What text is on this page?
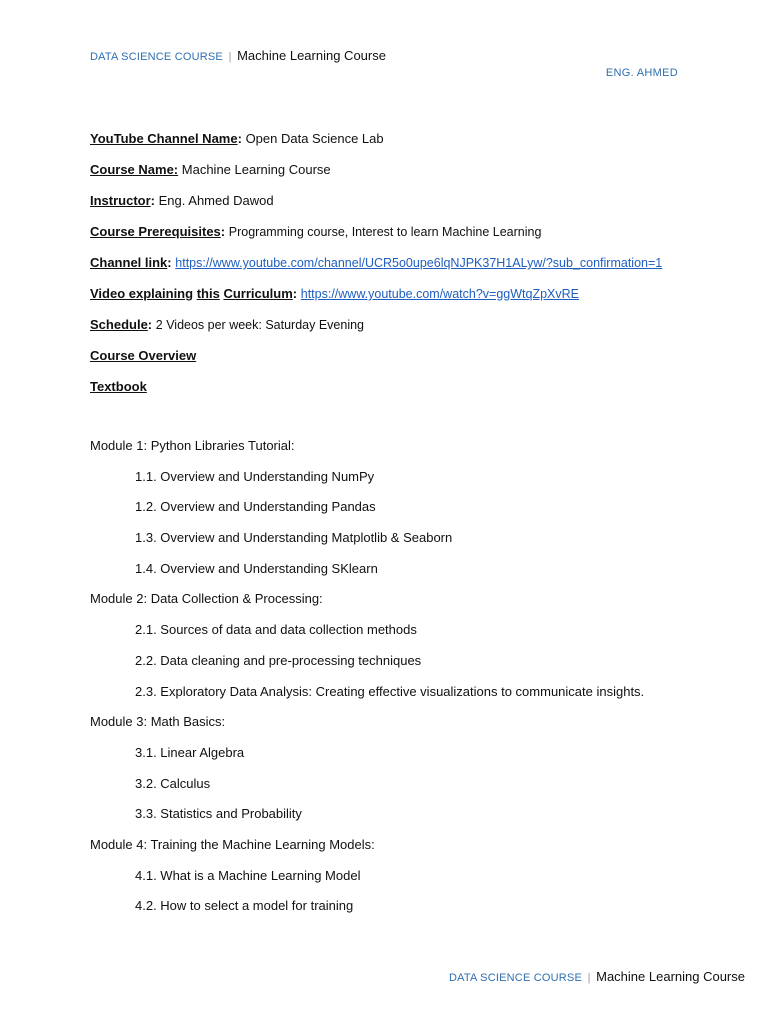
DATA SCIENCE COURSE | Machine Learning Course
ENG. AHMED
YouTube Channel Name: Open Data Science Lab
Course Name: Machine Learning Course
Instructor: Eng. Ahmed Dawod
Course Prerequisites: Programming course, Interest to learn Machine Learning
Channel link: https://www.youtube.com/channel/UCR5o0upe6lqNJPK37H1ALyw/?sub_confirmation=1
Video explaining this Curriculum: https://www.youtube.com/watch?v=ggWtqZpXvRE
Schedule: 2 Videos per week: Saturday Evening
Course Overview
Textbook
Module 1: Python Libraries Tutorial:
1.1. Overview and Understanding NumPy
1.2. Overview and Understanding Pandas
1.3. Overview and Understanding Matplotlib & Seaborn
1.4. Overview and Understanding SKlearn
Module 2: Data Collection & Processing:
2.1. Sources of data and data collection methods
2.2. Data cleaning and pre-processing techniques
2.3. Exploratory Data Analysis: Creating effective visualizations to communicate insights.
Module 3: Math Basics:
3.1. Linear Algebra
3.2. Calculus
3.3. Statistics and Probability
Module 4: Training the Machine Learning Models:
4.1. What is a Machine Learning Model
4.2. How to select a model for training
DATA SCIENCE COURSE | Machine Learning Course
